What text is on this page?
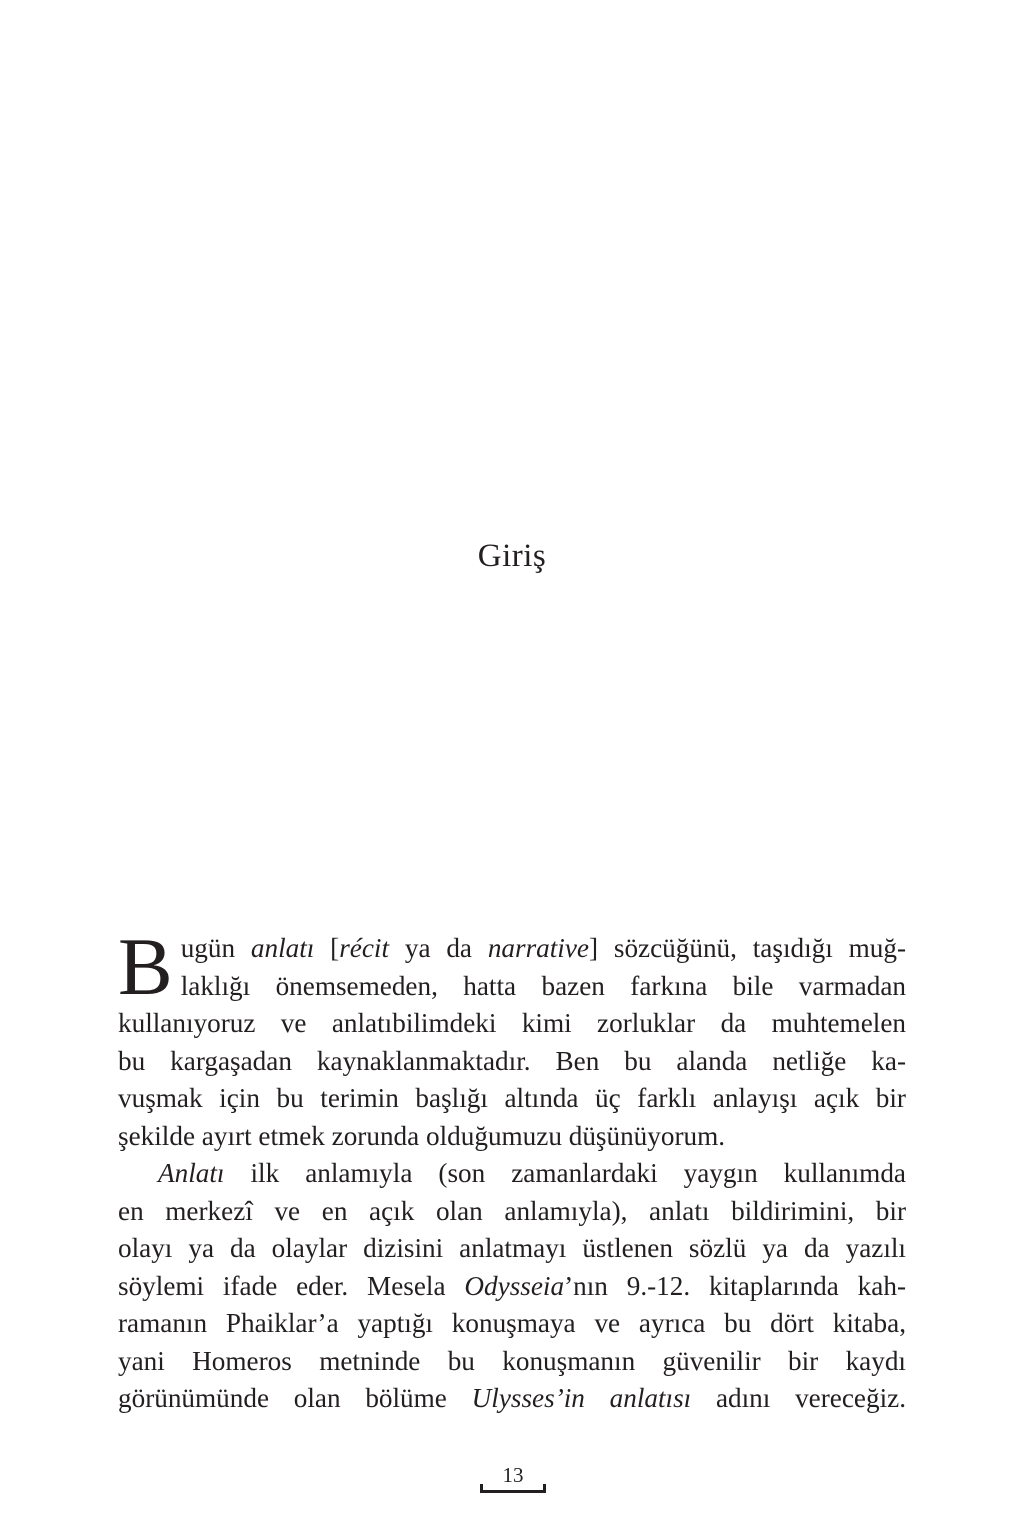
Giriş
B ugün anlatı [récit ya da narrative] sözcüğünü, taşıdığı muğ-
laklığı önemsemeden, hatta bazen farkına bile varmadan
kullanıyoruz ve anlatıbilimdeki kimi zorluklar da muhtemelen
bu kargaşadan kaynaklanmaktadır. Ben bu alanda netliğe ka-
vuşmak için bu terimin başlığı altında üç farklı anlayışı açık bir
şekilde ayırt etmek zorunda olduğumuzu düşünüyorum.
Anlatı ilk anlamıyla (son zamanlardaki yaygın kullanımda
en merkezî ve en açık olan anlamıyla), anlatı bildirimini, bir
olayı ya da olaylar dizisini anlatmayı üstlenen sözlü ya da yazılı
söylemi ifade eder. Mesela Odysseia’nın 9.-12. kitaplarında kah-
ramanın Phaiklar’a yaptığı konuşmaya ve ayrıca bu dört kitaba,
yani Homeros metninde bu konuşmanın güvenilir bir kaydı
görünümünde olan bölüme Ulysses’in anlatısı adını vereceğiz.
13
